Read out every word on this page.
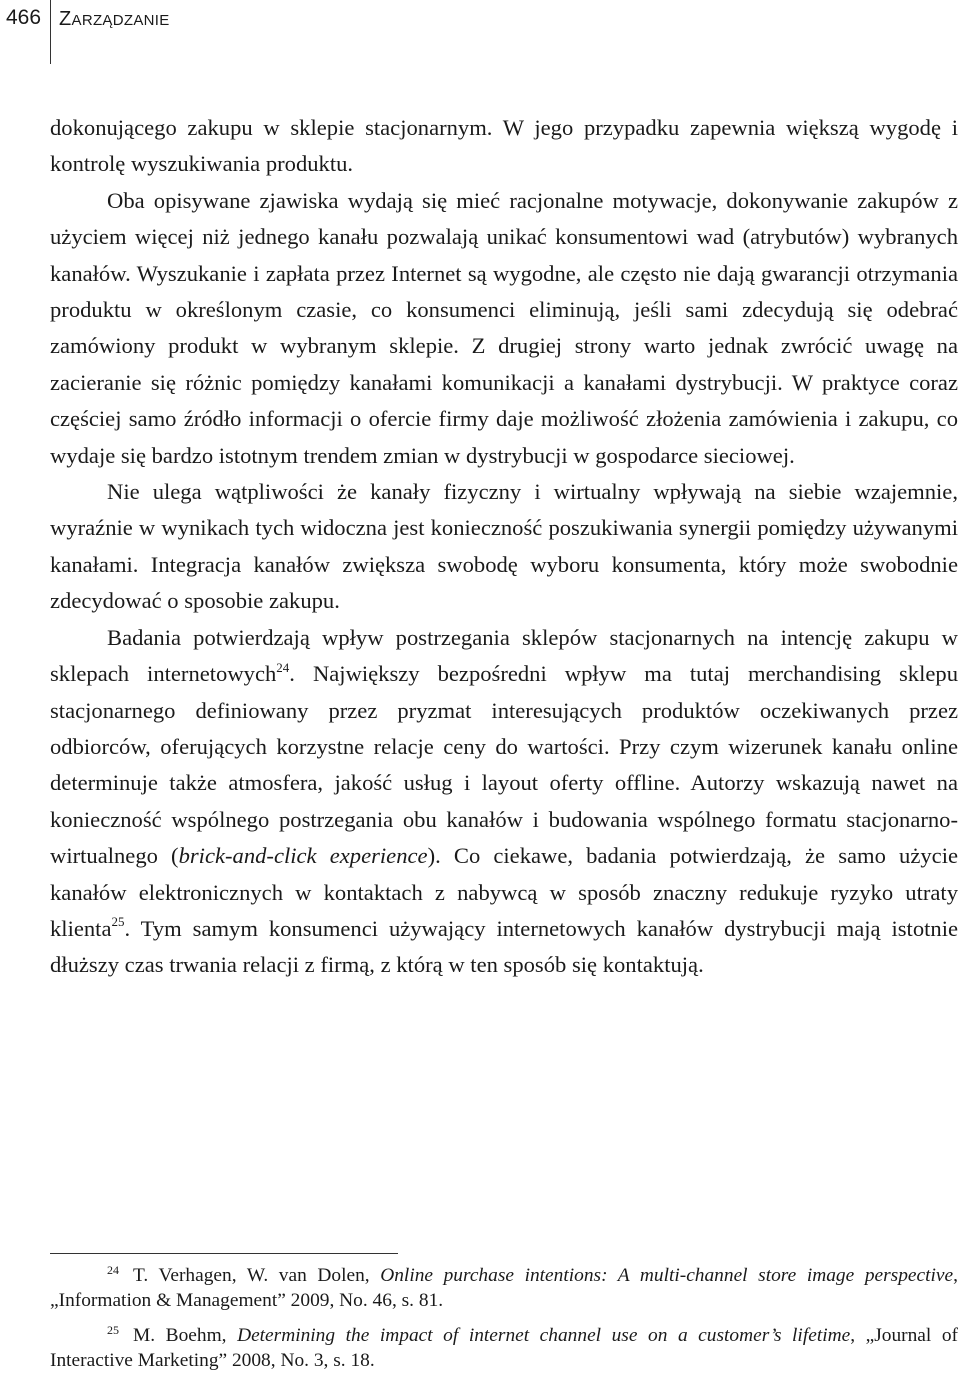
466 ZARZĄDZANIE

dokonującego zakupu w sklepie stacjonarnym. W jego przypadku zapewnia większą wygodę i kontrolę wyszukiwania produktu.

Oba opisywane zjawiska wydają się mieć racjonalne motywacje, dokonywanie zakupów z użyciem więcej niż jednego kanału pozwalają unikać konsumentowi wad (atrybutów) wybranych kanałów. Wyszukanie i zapłata przez Internet są wygodne, ale często nie dają gwarancji otrzymania produktu w określonym czasie, co konsumenci eliminują, jeśli sami zdecydują się odebrać zamówiony produkt w wybranym sklepie. Z drugiej strony warto jednak zwrócić uwagę na zacieranie się różnic pomiędzy kanałami komunikacji a kanałami dystrybucji. W praktyce coraz częściej samo źródło informacji o ofercie firmy daje możliwość złożenia zamówienia i zakupu, co wydaje się bardzo istotnym trendem zmian w dystrybucji w gospodarce sieciowej.

Nie ulega wątpliwości że kanały fizyczny i wirtualny wpływają na siebie wzajemnie, wyraźnie w wynikach tych widoczna jest konieczność poszukiwania synergii pomiędzy używanymi kanałami. Integracja kanałów zwiększa swobodę wyboru konsumenta, który może swobodnie zdecydować o sposobie zakupu.

Badania potwierdzają wpływ postrzegania sklepów stacjonarnych na intencję zakupu w sklepach internetowych$^{24}$. Największy bezpośredni wpływ ma tutaj merchandising sklepu stacjonarnego definiowany przez pryzmat interesujących produktów oczekiwanych przez odbiorców, oferujących korzystne relacje ceny do wartości. Przy czym wizerunek kanału online determinuje także atmosfera, jakość usług i layout oferty offline. Autorzy wskazują nawet na konieczność wspólnego postrzegania obu kanałów i budowania wspólnego formatu stacjonarno-wirtualnego (brick-and-click experience). Co ciekawe, badania potwierdzają, że samo użycie kanałów elektronicznych w kontaktach z nabywcą w sposób znaczny redukuje ryzyko utraty klienta$^{25}$. Tym samym konsumenci używający internetowych kanałów dystrybucji mają istotnie dłuższy czas trwania relacji z firmą, z którą w ten sposób się kontaktują.

$^{24}$ T. Verhagen, W. van Dolen, Online purchase intentions: A multi-channel store image perspective, „Information & Management” 2009, No. 46, s. 81.

$^{25}$ M. Boehm, Determining the impact of internet channel use on a customer’s lifetime, „Journal of Interactive Marketing” 2008, No. 3, s. 18.
